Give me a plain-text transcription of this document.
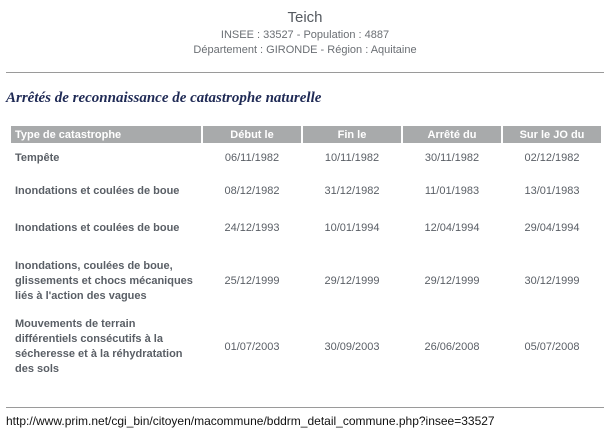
Teich
INSEE : 33527 - Population : 4887
Département : GIRONDE - Région : Aquitaine
Arrêtés de reconnaissance de catastrophe naturelle
Type de catastrophe	Début le	Fin le	Arrêté du	Sur le JO du
Tempête	06/11/1982	10/11/1982	30/11/1982	02/12/1982
Inondations et coulées de boue	08/12/1982	31/12/1982	11/01/1983	13/01/1983
Inondations et coulées de boue	24/12/1993	10/01/1994	12/04/1994	29/04/1994
Inondations, coulées de boue, glissements et chocs mécaniques liés à l'action des vagues	25/12/1999	29/12/1999	29/12/1999	30/12/1999
Mouvements de terrain différentiels consécutifs à la sécheresse et à la réhydratation des sols	01/07/2003	30/09/2003	26/06/2008	05/07/2008
http://www.prim.net/cgi_bin/citoyen/macommune/bddrm_detail_commune.php?insee=33527
